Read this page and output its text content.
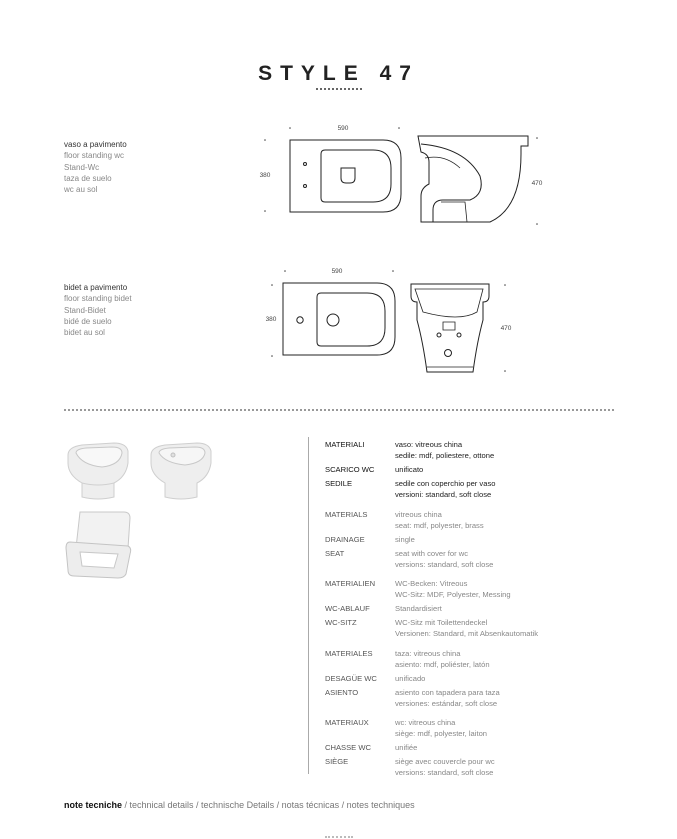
STYLE 47
vaso a pavimento
floor standing wc
Stand-Wc
taza de suelo
wc au sol
590
380
470
bidet a pavimento
floor standing bidet
Stand-Bidet
bidé de suelo
bidet au sol
590
380
470
MATERIALI	vaso: vitreous china
sedile: mdf, poliestere, ottone
SCARICO WC	unificato
SEDILE	sedile con coperchio per vaso
versioni: standard, soft close
MATERIALS	vitreous china
seat: mdf, polyester, brass
DRAINAGE	single
SEAT	seat with cover for wc
versions: standard, soft close
MATERIALIEN	WC-Becken: Vitreous
WC-Sitz: MDF, Polyester, Messing
WC-ABLAUF	Standardisiert
WC-SITZ	WC-Sitz mit Toilettendeckel
Versionen: Standard, mit Absenkautomatik
MATERIALES	taza: vitreous china
asiento: mdf, poliéster, latón
DESAGÜE WC	unificado
ASIENTO	asiento con tapadera para taza
versiones: estándar, soft close
MATERIAUX	wc: vitreous china
siège: mdf, polyester, laiton
CHASSE WC	unifiée
SIÈGE	siège avec couvercle pour wc
versions: standard, soft close
note tecniche / technical details / technische Details / notas técnicas / notes techniques
